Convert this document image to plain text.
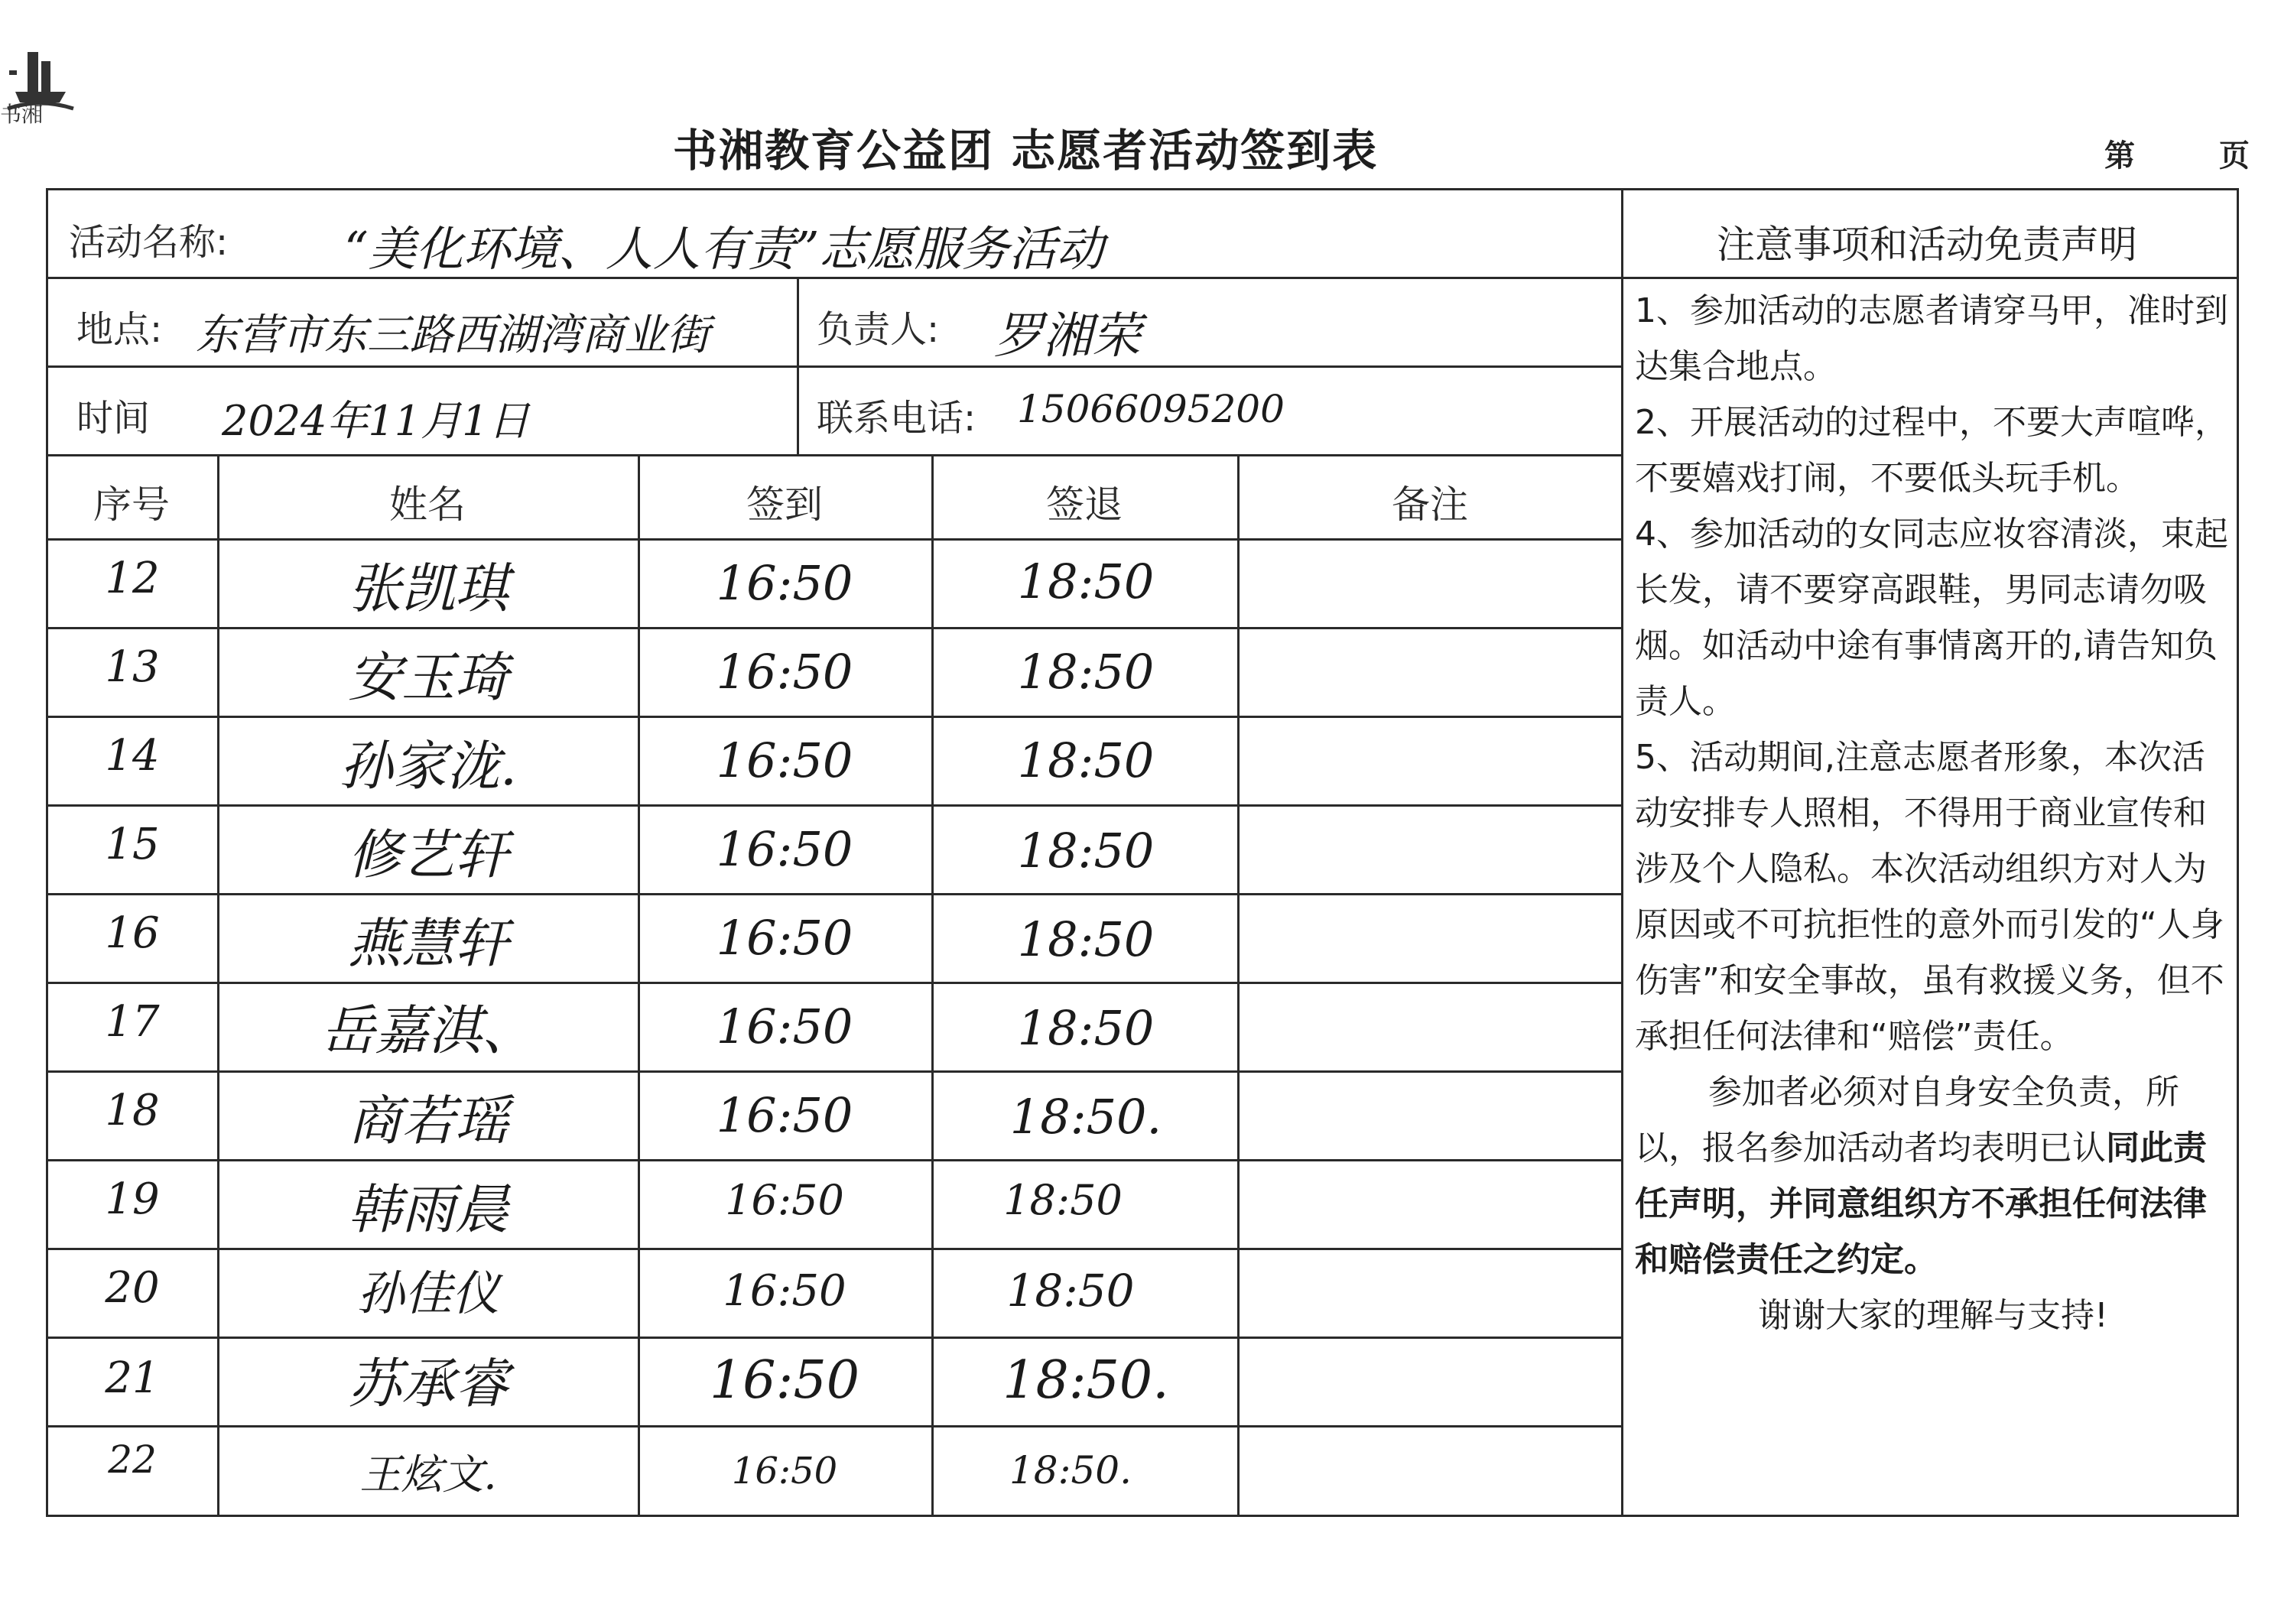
书湘
书湘教育公益团 志愿者活动签到表	第 页
活动名称: “美化环境、人人有责”志愿服务活动
地点: 东营市东三路西湖湾商业街	负责人: 罗湘荣
时间 2024年11月1日	联系电话: 15066095200
序号	姓名	签到	签退	备注
12	张凯琪	16:50	18:50
13	安玉琦	16:50	18:50
14	孙家泷.	16:50	18:50
15	修艺轩	16:50	18:50
16	燕慧轩	16:50	18:50
17	岳嘉淇、	16:50	18:50
18	商若瑶	16:50	18:50.
19	韩雨晨	16:50	18:50
20	孙佳仪	16:50	18:50
21	苏承睿	16:50	18:50.
22	王炫文.	16:50	18:50.
注意事项和活动免责声明

1、参加活动的志愿者请穿马甲，准时到达集合地点。

2、开展活动的过程中，不要大声喧哗，不要嬉戏打闹，不要低头玩手机。

4、参加活动的女同志应妆容清淡，束起长发，请不要穿高跟鞋，男同志请勿吸烟。如活动中途有事情离开的,请告知负责人。

5、活动期间,注意志愿者形象，本次活动安排专人照相，不得用于商业宣传和涉及个人隐私。本次活动组织方对人为原因或不可抗拒性的意外而引发的“人身伤害”和安全事故，虽有救援义务，但不承担任何法律和“赔偿”责任。

参加者必须对自身安全负责，所以，报名参加活动者均表明已认同此责任声明，并同意组织方不承担任何法律和赔偿责任之约定。

谢谢大家的理解与支持!
